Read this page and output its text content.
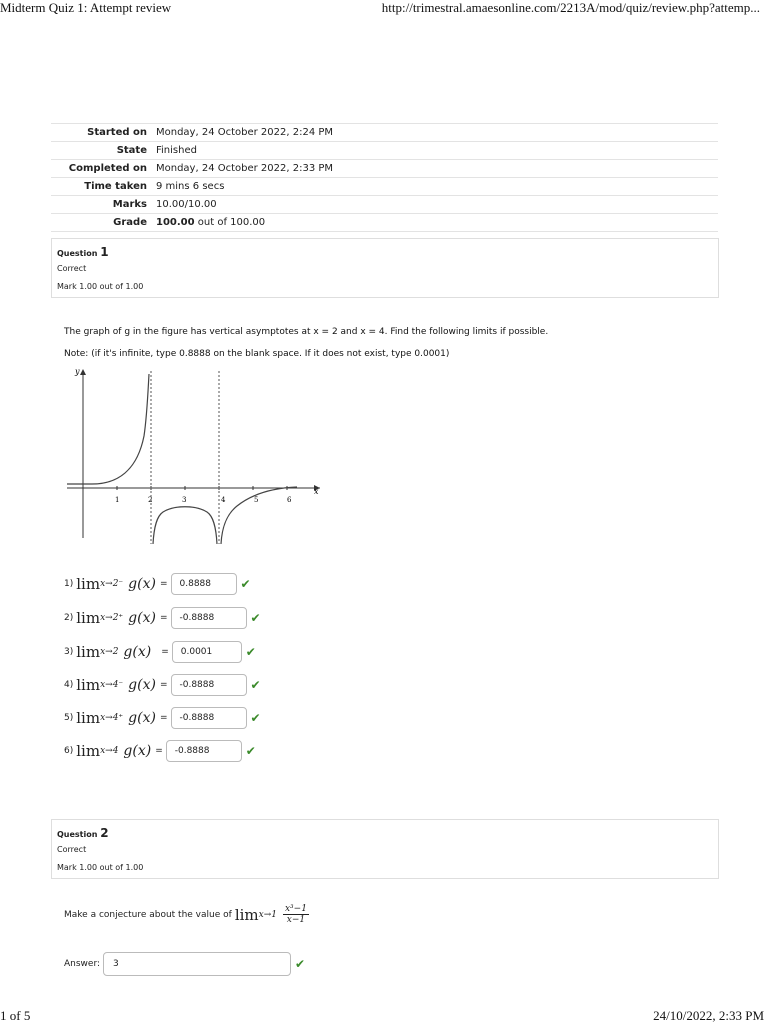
Midterm Quiz 1: Attempt review	http://trimestral.amaesonline.com/2213A/mod/quiz/review.php?attemp...
Started on	Monday, 24 October 2022, 2:24 PM
State	Finished
Completed on	Monday, 24 October 2022, 2:33 PM
Time taken	9 mins 6 secs
Marks	10.00/10.00
Grade	100.00 out of 100.00
Question 1
Correct
Mark 1.00 out of 1.00
The graph of g in the figure has vertical asymptotes at x = 2 and x = 4. Find the following limits if possible.
Note: (if it's infinite, type 0.8888 on the blank space. If it does not exist, type 0.0001)
x
y
1	2	3	4	5	6
1) lim x→2⁻ g(x) =	0.8888	✔
2) lim x→2⁺ g(x) =	-0.8888	✔
3) lim x→2 g(x) =	0.0001	✔
4) lim x→4⁻ g(x) =	-0.8888	✔
5) lim x→4⁺ g(x) =	-0.8888	✔
6) lim x→4 g(x) =	-0.8888	✔
Question 2
Correct
Mark 1.00 out of 1.00
Make a conjecture about the value of $\lim x\to 1 \frac{\text{x³−1}}{x-1}$
Answer:	3	✔
1 of 5	24/10/2022, 2:33 PM
